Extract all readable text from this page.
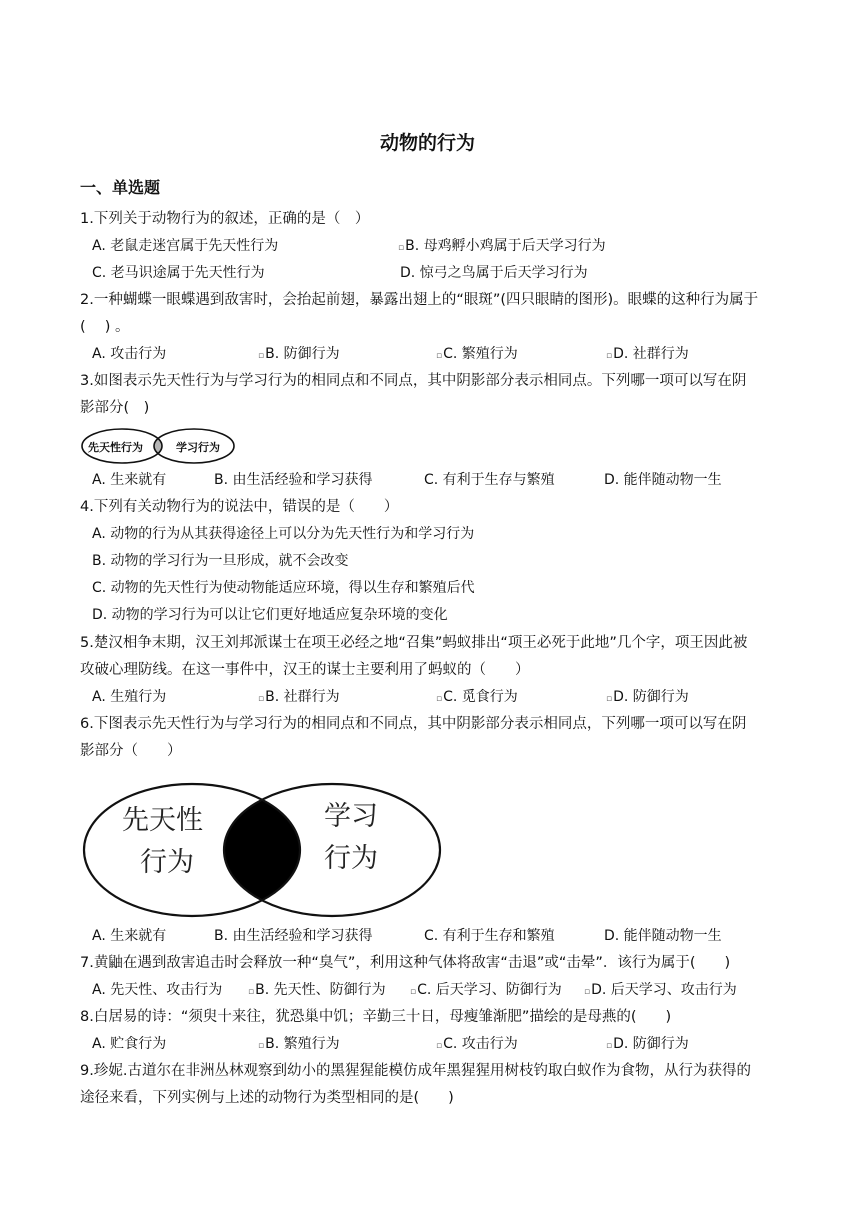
动物的行为
一、单选题
1.下列关于动物行为的叙述，正确的是（　）
A. 老鼠走迷宫属于先天性行为	▫B. 母鸡孵小鸡属于后天学习行为
C. 老马识途属于先天性行为	D. 惊弓之鸟属于后天学习行为
2.一种蝴蝶一眼蝶遇到敌害时，会抬起前翅，暴露出翅上的“眼斑”(四只眼睛的图形)。眼蝶的这种行为属于
(　 ) 。
A. 攻击行为	▫B. 防御行为	▫C. 繁殖行为	▫D. 社群行为
3.如图表示先天性行为与学习行为的相同点和不同点，其中阴影部分表示相同点。下列哪一项可以写在阴
影部分(　)
先天性行为	学习行为
A. 生来就有	B. 由生活经验和学习获得	C. 有利于生存与繁殖	D. 能伴随动物一生
4.下列有关动物行为的说法中，错误的是（　　）
A. 动物的行为从其获得途径上可以分为先天性行为和学习行为
B. 动物的学习行为一旦形成，就不会改变
C. 动物的先天性行为使动物能适应环境，得以生存和繁殖后代
D. 动物的学习行为可以让它们更好地适应复杂环境的变化
5.楚汉相争末期，汉王刘邦派谋士在项王必经之地“召集”蚂蚁排出“项王必死于此地”几个字，项王因此被
攻破心理防线。在这一事件中，汉王的谋士主要利用了蚂蚁的（　　）
A. 生殖行为	▫B. 社群行为	▫C. 觅食行为	▫D. 防御行为
6.下图表示先天性行为与学习行为的相同点和不同点，其中阴影部分表示相同点，下列哪一项可以写在阴
影部分（　　）
先天性
行为
学习
行为
A. 生来就有	B. 由生活经验和学习获得	C. 有利于生存和繁殖	D. 能伴随动物一生
7.黄鼬在遇到敌害追击时会释放一种“臭气”，利用这种气体将敌害“击退”或“击晕”．该行为属于(　　)
A. 先天性、攻击行为	▫B. 先天性、防御行为	▫C. 后天学习、防御行为 ▫D. 后天学习、攻击行为
8.白居易的诗：“须臾十来往，犹恐巢中饥；辛勤三十日，母瘦雏渐肥”描绘的是母燕的(　　)
A. 贮食行为	▫B. 繁殖行为	▫C. 攻击行为	▫D. 防御行为
9.珍妮.古道尔在非洲丛林观察到幼小的黑猩猩能模仿成年黑猩猩用树枝钓取白蚁作为食物，从行为获得的
途径来看，下列实例与上述的动物行为类型相同的是(　　)
